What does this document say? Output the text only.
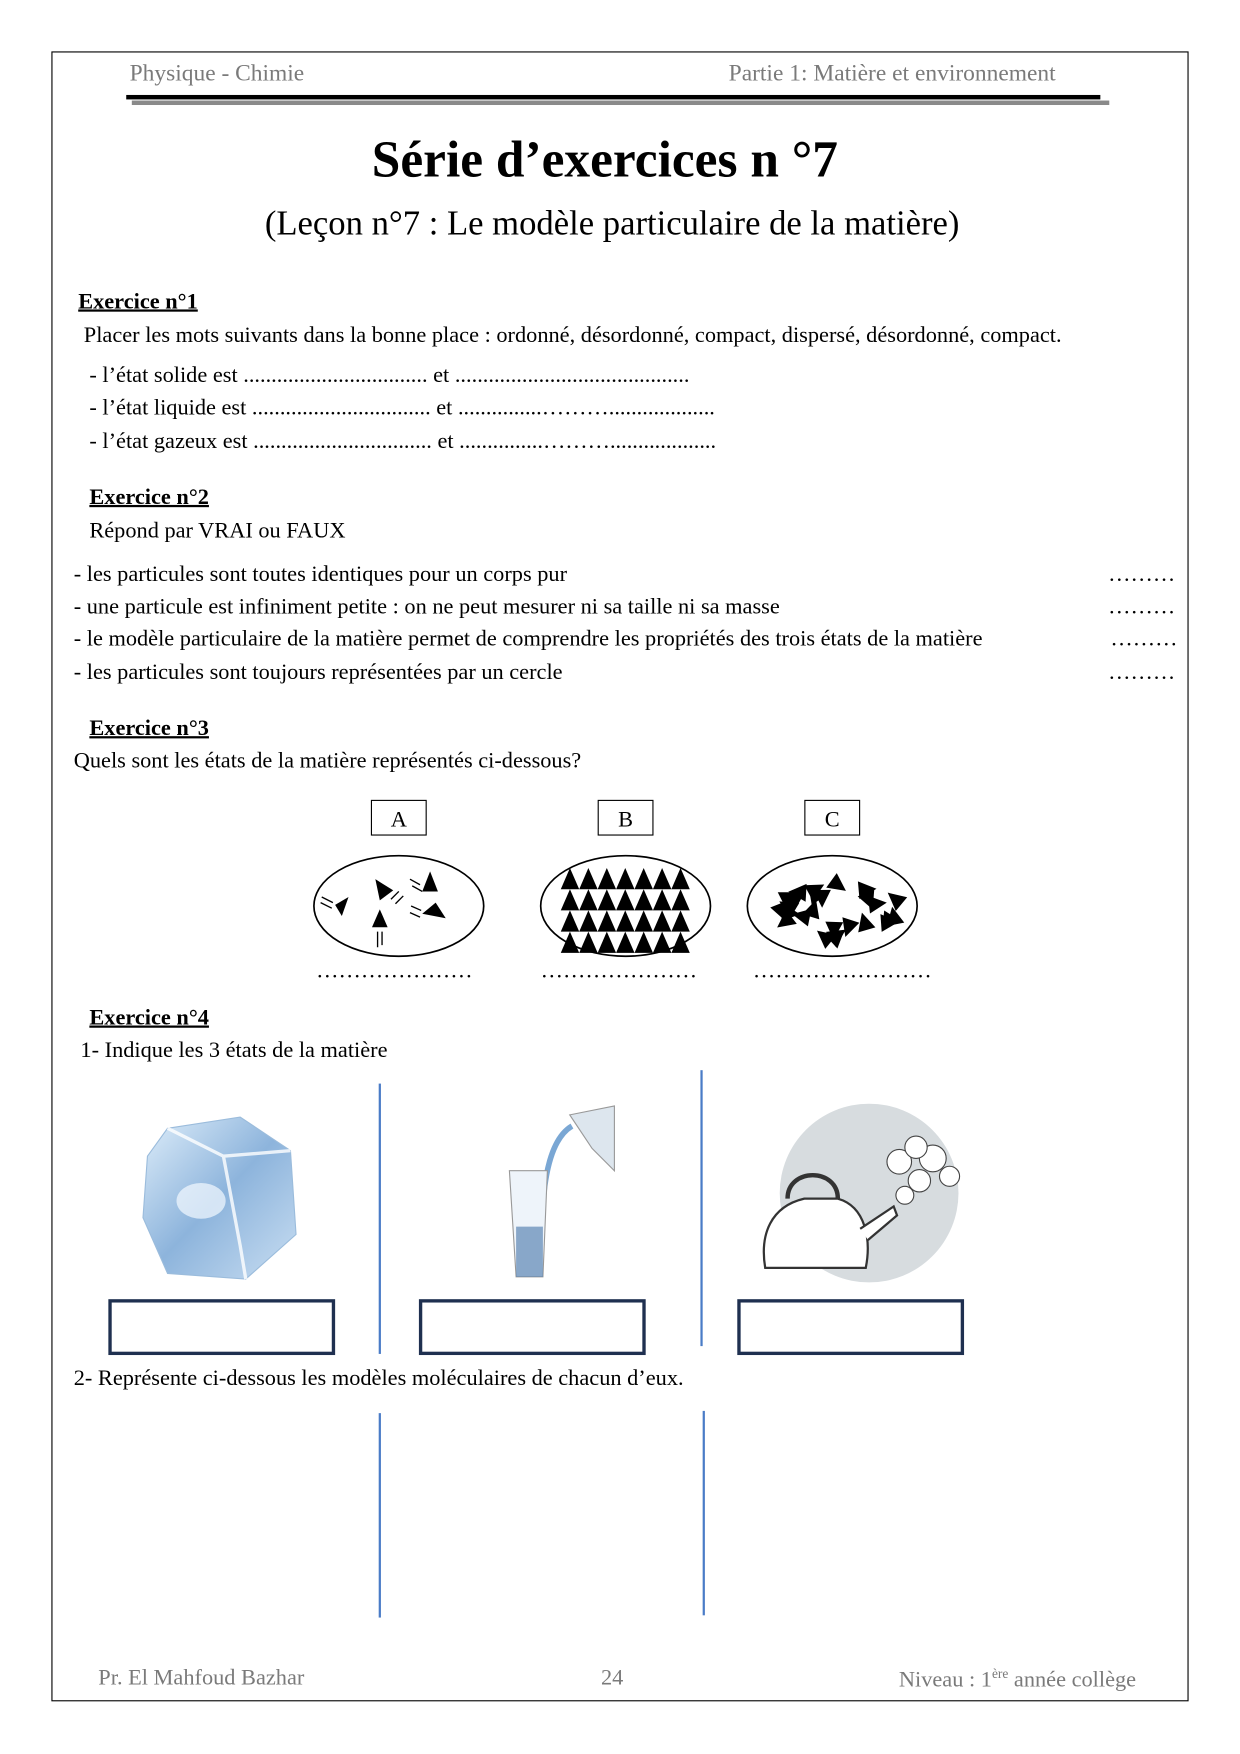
Physique - Chimie	Partie 1: Matière et environnement
Série d’exercices n °7
(Leçon n°7 : Le modèle particulaire de la matière)
Exercice n°1
Placer les mots suivants dans la bonne place : ordonné, désordonné, compact, dispersé, désordonné, compact.
- l’état solide est ................................. et ..........................................
- l’état liquide est ................................ et ...............………...................
- l’état gazeux est ................................ et ...............………...................
Exercice n°2
Répond par VRAI ou FAUX
- les particules sont toutes identiques pour un corps pur	………
- une particule est infiniment petite : on ne peut mesurer ni sa taille ni sa masse	………
- le modèle particulaire de la matière permet de comprendre les propriétés des trois états de la matière	………
- les particules sont toujours représentées par un cercle	………
Exercice n°3
Quels sont les états de la matière représentés ci-dessous?
A	B	C
…………………	…………………	……………………
Exercice n°4
1- Indique les 3 états de la matière
2- Représente ci-dessous les modèles moléculaires de chacun d’eux.
Pr. El Mahfoud Bazhar	24	Niveau : 1ère année collège
